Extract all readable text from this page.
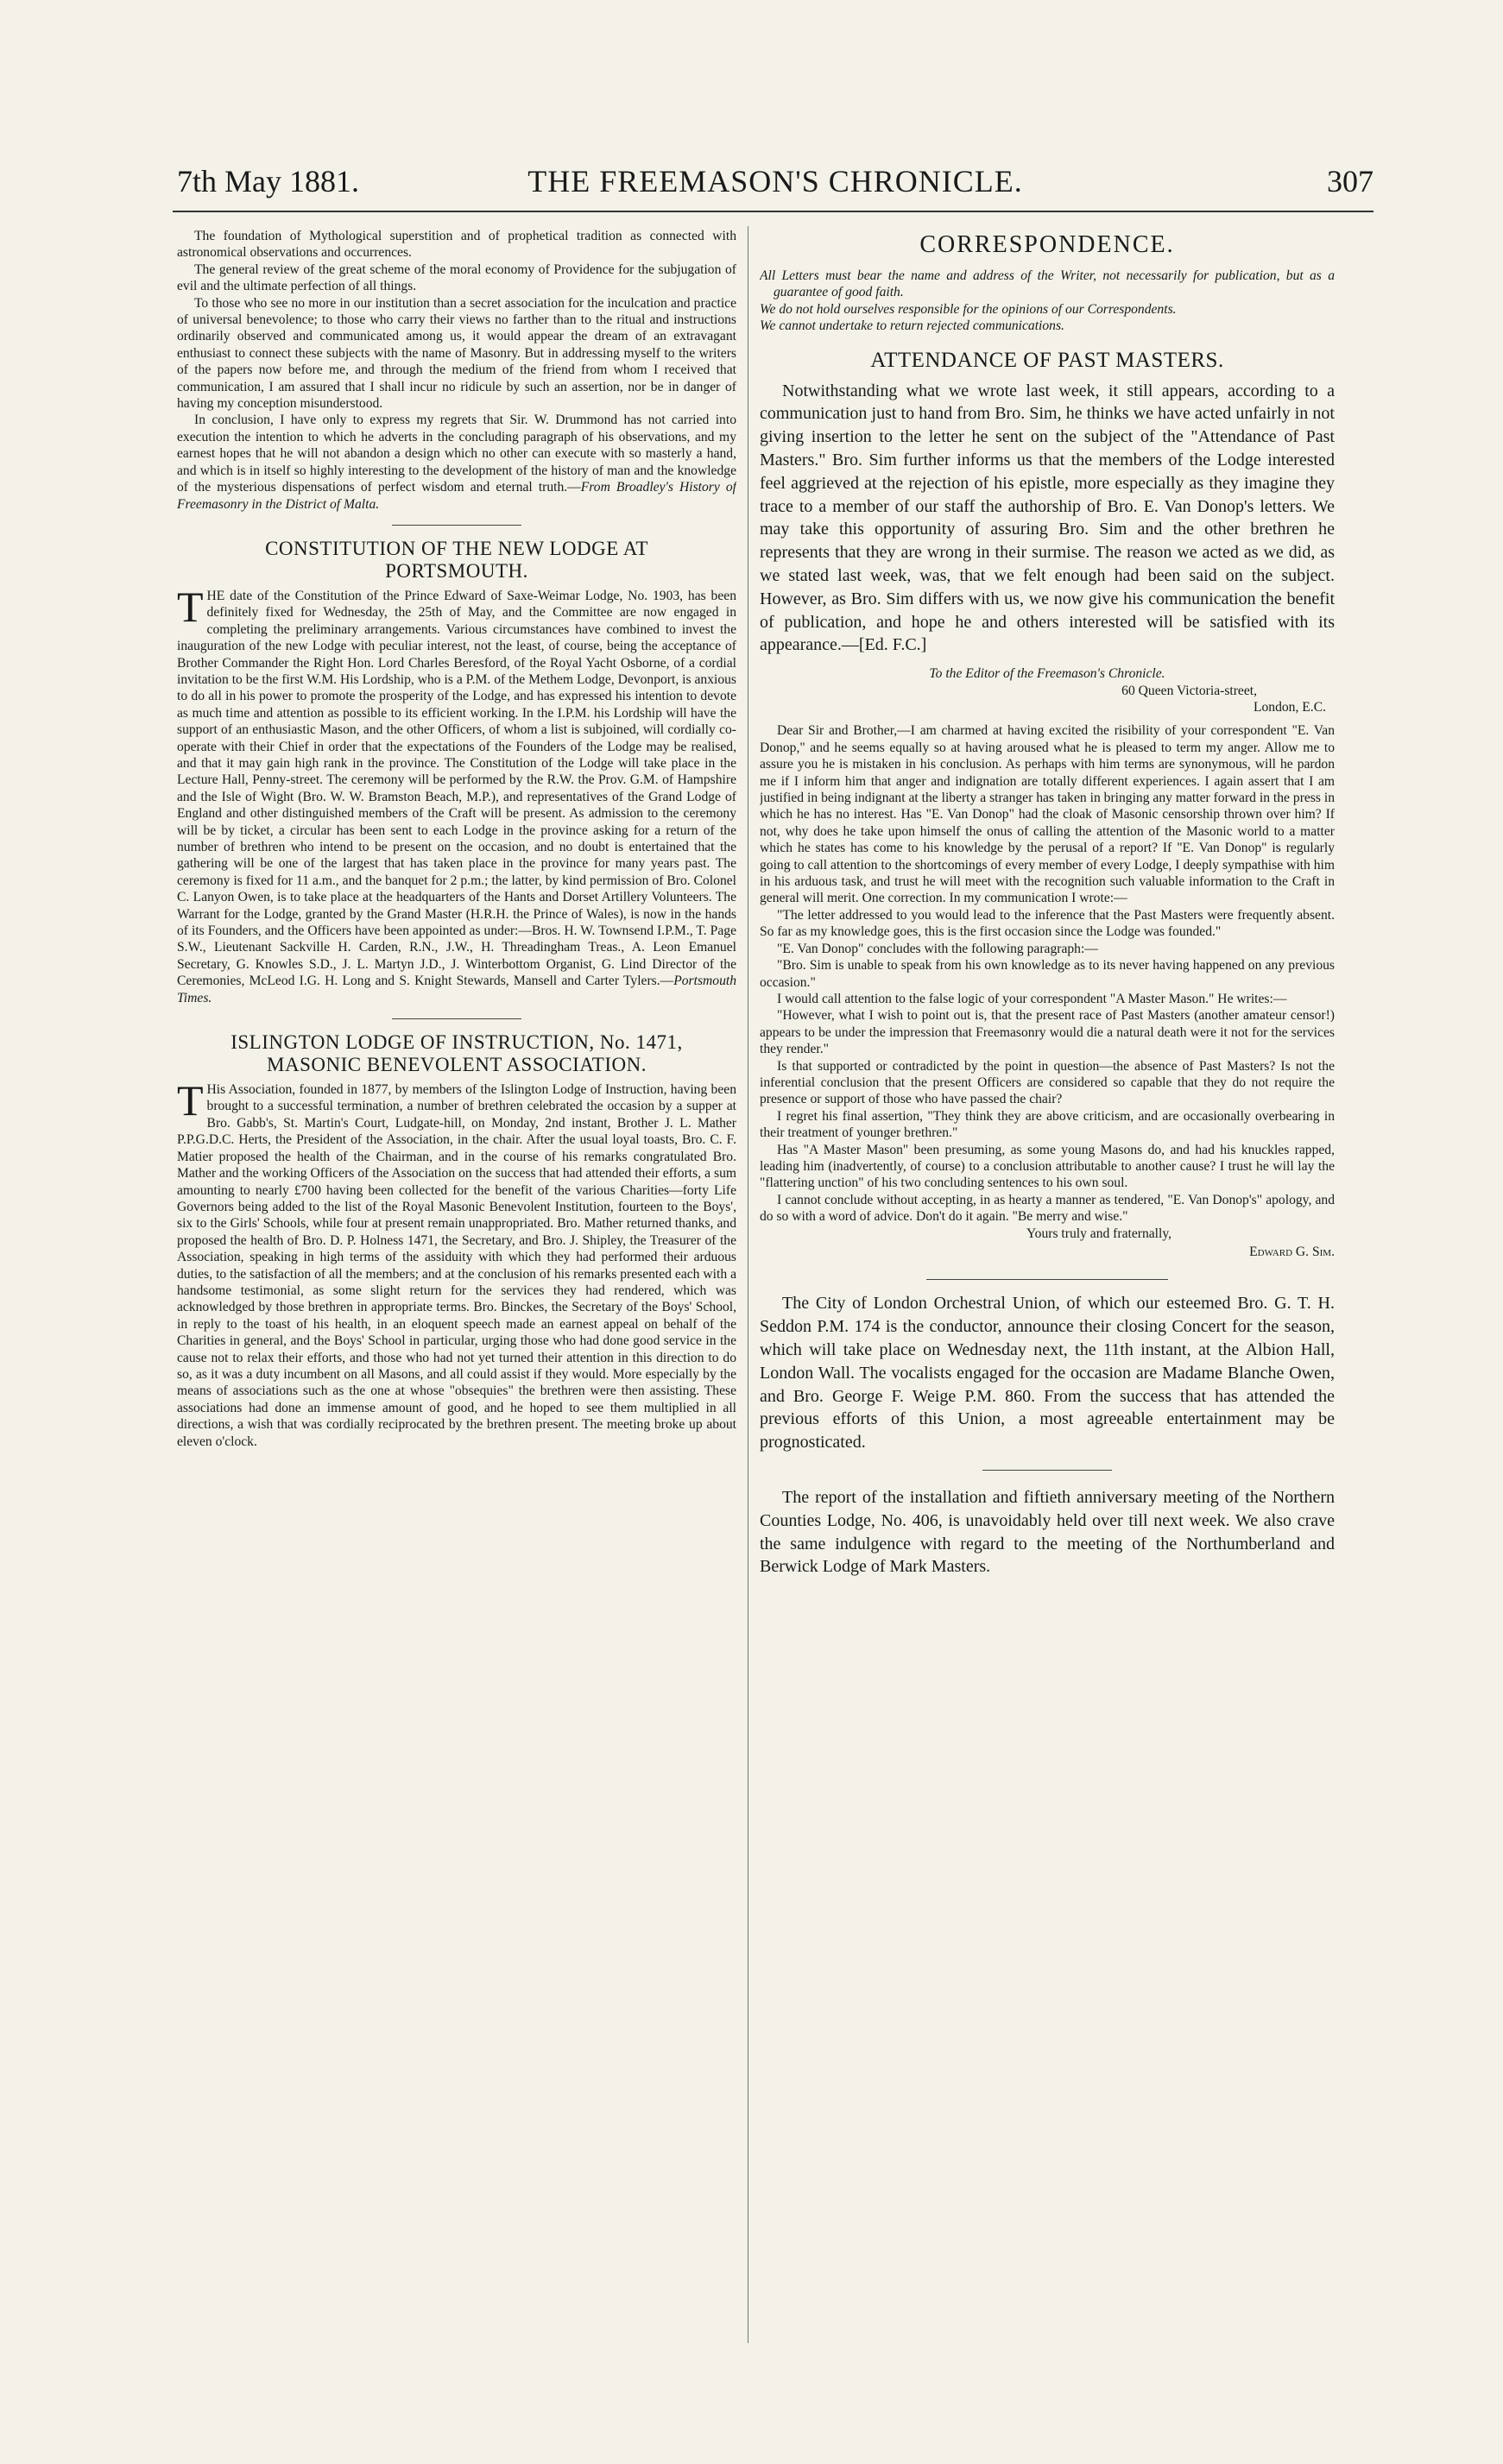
7th May 1881.	THE FREEMASON'S CHRONICLE.	307

The foundation of Mythological superstition and of prophetical tradition as connected with astronomical observations and occurrences.

The general review of the great scheme of the moral economy of Providence for the subjugation of evil and the ultimate perfection of all things.

To those who see no more in our institution than a secret association for the inculcation and practice of universal benevolence; to those who carry their views no farther than to the ritual and instructions ordinarily observed and communicated among us, it would appear the dream of an extravagant enthusiast to connect these subjects with the name of Masonry. But in addressing myself to the writers of the papers now before me, and through the medium of the friend from whom I received that communication, I am assured that I shall incur no ridicule by such an assertion, nor be in danger of having my conception misunderstood.

In conclusion, I have only to express my regrets that Sir. W. Drummond has not carried into execution the intention to which he adverts in the concluding paragraph of his observations, and my earnest hopes that he will not abandon a design which no other can execute with so masterly a hand, and which is in itself so highly interesting to the development of the history of man and the knowledge of the mysterious dispensations of perfect wisdom and eternal truth.—From Broadley's History of Freemasonry in the District of Malta.

CONSTITUTION OF THE NEW LODGE AT
PORTSMOUTH.

THE date of the Constitution of the Prince Edward of Saxe-Weimar Lodge, No. 1903, has been definitely fixed for Wednesday, the 25th of May, and the Committee are now engaged in completing the preliminary arrangements. Various circumstances have combined to invest the inauguration of the new Lodge with peculiar interest, not the least, of course, being the acceptance of Brother Commander the Right Hon. Lord Charles Beresford, of the Royal Yacht Osborne, of a cordial invitation to be the first W.M. His Lordship, who is a P.M. of the Methem Lodge, Devonport, is anxious to do all in his power to promote the prosperity of the Lodge, and has expressed his intention to devote as much time and attention as possible to its efficient working. In the I.P.M. his Lordship will have the support of an enthusiastic Mason, and the other Officers, of whom a list is subjoined, will cordially co-operate with their Chief in order that the expectations of the Founders of the Lodge may be realised, and that it may gain high rank in the province. The Constitution of the Lodge will take place in the Lecture Hall, Penny-street. The ceremony will be performed by the R.W. the Prov. G.M. of Hampshire and the Isle of Wight (Bro. W. W. Bramston Beach, M.P.), and representatives of the Grand Lodge of England and other distinguished members of the Craft will be present. As admission to the ceremony will be by ticket, a circular has been sent to each Lodge in the province asking for a return of the number of brethren who intend to be present on the occasion, and no doubt is entertained that the gathering will be one of the largest that has taken place in the province for many years past. The ceremony is fixed for 11 a.m., and the banquet for 2 p.m.; the latter, by kind permission of Bro. Colonel C. Lanyon Owen, is to take place at the headquarters of the Hants and Dorset Artillery Volunteers. The Warrant for the Lodge, granted by the Grand Master (H.R.H. the Prince of Wales), is now in the hands of its Founders, and the Officers have been appointed as under:—Bros. H. W. Townsend I.P.M., T. Page S.W., Lieutenant Sackville H. Carden, R.N., J.W., H. Threadingham Treas., A. Leon Emanuel Secretary, G. Knowles S.D., J. L. Martyn J.D., J. Winterbottom Organist, G. Lind Director of the Ceremonies, McLeod I.G. H. Long and S. Knight Stewards, Mansell and Carter Tylers.—Portsmouth Times.

ISLINGTON LODGE OF INSTRUCTION, No. 1471,
MASONIC BENEVOLENT ASSOCIATION.

T His Association, founded in 1877, by members of the Islington Lodge of Instruction, having been brought to a successful termination, a number of brethren celebrated the occasion by a supper at Bro. Gabb's, St. Martin's Court, Ludgate-hill, on Monday, 2nd instant, Brother J. L. Mather P.P.G.D.C. Herts, the President of the Association, in the chair. After the usual loyal toasts, Bro. C. F. Matier proposed the health of the Chairman, and in the course of his remarks congratulated Bro. Mather and the working Officers of the Association on the success that had attended their efforts, a sum amounting to nearly £700 having been collected for the benefit of the various Charities—forty Life Governors being added to the list of the Royal Masonic Benevolent Institution, fourteen to the Boys', six to the Girls' Schools, while four at present remain unappropriated. Bro. Mather returned thanks, and proposed the health of Bro. D. P. Holness 1471, the Secretary, and Bro. J. Shipley, the Treasurer of the Association, speaking in high terms of the assiduity with which they had performed their arduous duties, to the satisfaction of all the members; and at the conclusion of his remarks presented each with a handsome testimonial, as some slight return for the services they had rendered, which was acknowledged by those brethren in appropriate terms. Bro. Binckes, the Secretary of the Boys' School, in reply to the toast of his health, in an eloquent speech made an earnest appeal on behalf of the Charities in general, and the Boys' School in particular, urging those who had done good service in the cause not to relax their efforts, and those who had not yet turned their attention in this direction to do so, as it was a duty incumbent on all Masons, and all could assist if they would. More especially by the means of associations such as the one at whose "obsequies" the brethren were then assisting. These associations had done an immense amount of good, and he hoped to see them multiplied in all directions, a wish that was cordially reciprocated by the brethren present. The meeting broke up about eleven o'clock.

CORRESPONDENCE.

All Letters must bear the name and address of the Writer, not necessarily for publication, but as a guarantee of good faith.

We do not hold ourselves responsible for the opinions of our Correspondents.

We cannot undertake to return rejected communications.

ATTENDANCE OF PAST MASTERS.

Notwithstanding what we wrote last week, it still appears, according to a communication just to hand from Bro. Sim, he thinks we have acted unfairly in not giving insertion to the letter he sent on the subject of the "Attendance of Past Masters." Bro. Sim further informs us that the members of the Lodge interested feel aggrieved at the rejection of his epistle, more especially as they imagine they trace to a member of our staff the authorship of Bro. E. Van Donop's letters. We may take this opportunity of assuring Bro. Sim and the other brethren he represents that they are wrong in their surmise. The reason we acted as we did, as we stated last week, was, that we felt enough had been said on the subject. However, as Bro. Sim differs with us, we now give his communication the benefit of publication, and hope he and others interested will be satisfied with its appearance.—[Ed. F.C.]

To the Editor of the Freemason's Chronicle.

60 Queen Victoria-street,

London, E.C.

Dear Sir and Brother,—I am charmed at having excited the risibility of your correspondent "E. Van Donop," and he seems equally so at having aroused what he is pleased to term my anger. Allow me to assure you he is mistaken in his conclusion. As perhaps with him terms are synonymous, will he pardon me if I inform him that anger and indignation are totally different experiences. I again assert that I am justified in being indignant at the liberty a stranger has taken in bringing any matter forward in the press in which he has no interest. Has "E. Van Donop" had the cloak of Masonic censorship thrown over him? If not, why does he take upon himself the onus of calling the attention of the Masonic world to a matter which he states has come to his knowledge by the perusal of a report? If "E. Van Donop" is regularly going to call attention to the shortcomings of every member of every Lodge, I deeply sympathise with him in his arduous task, and trust he will meet with the recognition such valuable information to the Craft in general will merit. One correction. In my communication I wrote:—

"The letter addressed to you would lead to the inference that the Past Masters were frequently absent. So far as my knowledge goes, this is the first occasion since the Lodge was founded."

"E. Van Donop" concludes with the following paragraph:—

"Bro. Sim is unable to speak from his own knowledge as to its never having happened on any previous occasion."

I would call attention to the false logic of your correspondent "A Master Mason." He writes:—

"However, what I wish to point out is, that the present race of Past Masters (another amateur censor!) appears to be under the impression that Freemasonry would die a natural death were it not for the services they render."

Is that supported or contradicted by the point in question—the absence of Past Masters? Is not the inferential conclusion that the present Officers are considered so capable that they do not require the presence or support of those who have passed the chair?

I regret his final assertion, "They think they are above criticism, and are occasionally overbearing in their treatment of younger brethren."

Has "A Master Mason" been presuming, as some young Masons do, and had his knuckles rapped, leading him (inadvertently, of course) to a conclusion attributable to another cause? I trust he will lay the "flattering unction" of his two concluding sentences to his own soul.

I cannot conclude without accepting, in as hearty a manner as tendered, "E. Van Donop's" apology, and do so with a word of advice. Don't do it again. "Be merry and wise."

Yours truly and fraternally,

Edward G. Sim.

The City of London Orchestral Union, of which our esteemed Bro. G. T. H. Seddon P.M. 174 is the conductor, announce their closing Concert for the season, which will take place on Wednesday next, the 11th instant, at the Albion Hall, London Wall. The vocalists engaged for the occasion are Madame Blanche Owen, and Bro. George F. Weige P.M. 860. From the success that has attended the previous efforts of this Union, a most agreeable entertainment may be prognosticated.

The report of the installation and fiftieth anniversary meeting of the Northern Counties Lodge, No. 406, is unavoidably held over till next week. We also crave the same indulgence with regard to the meeting of the Northumberland and Berwick Lodge of Mark Masters.
